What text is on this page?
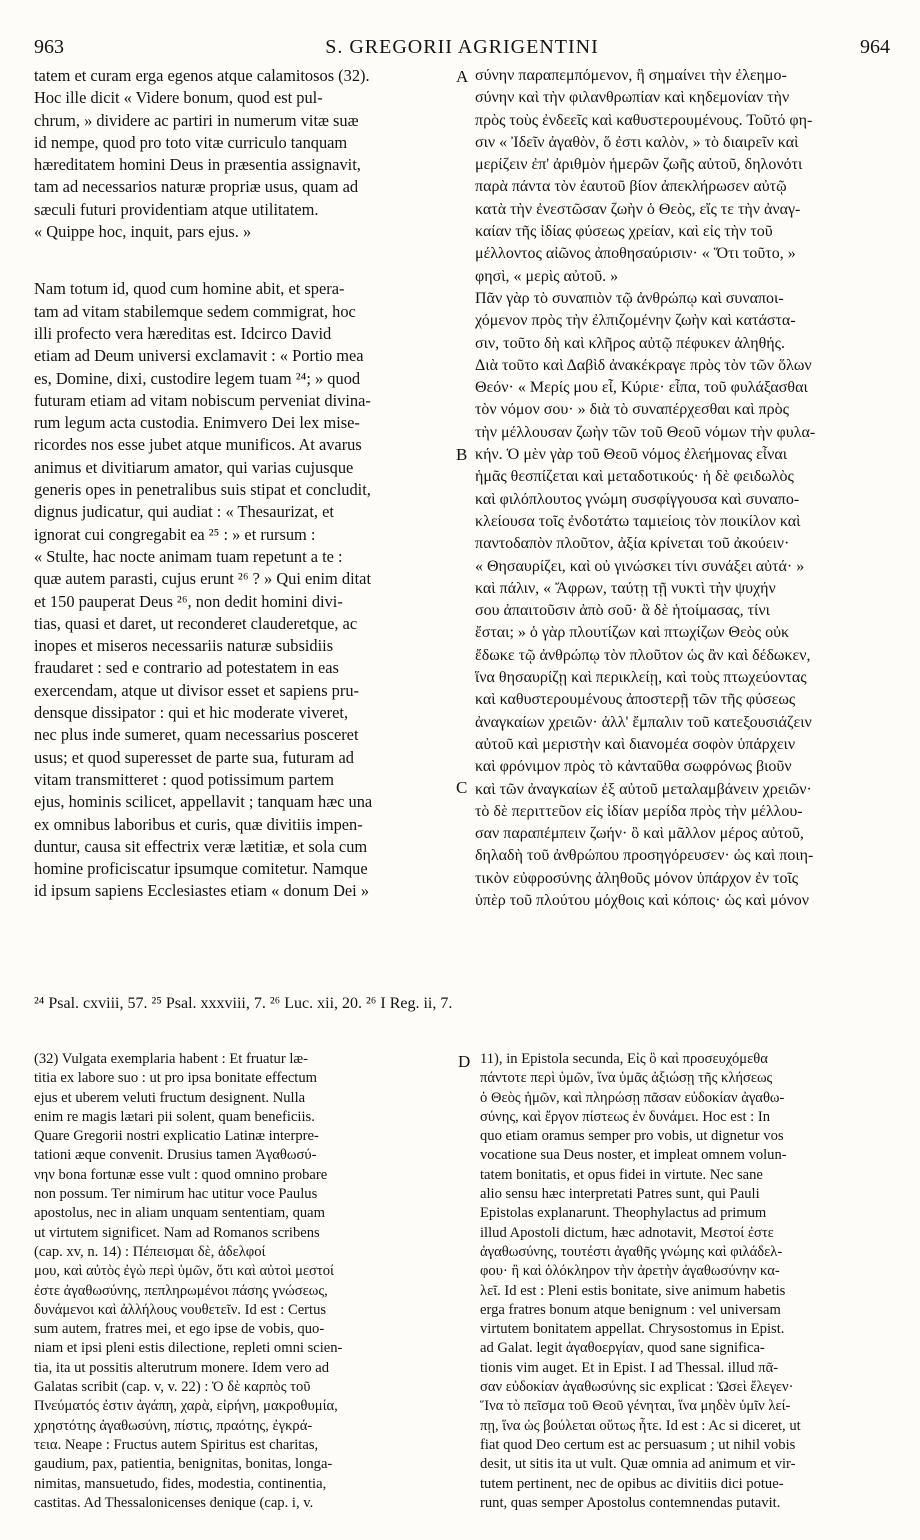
963	S. GREGORII AGRIGENTINI	964
tatem et curam erga egenos atque calamitosos (32).
Hoc ille dicit « Videre bonum, quod est pul-
chrum, » dividere ac partiri in numerum vitæ suæ
id nempe, quod pro toto vitæ curriculo tanquam
hæreditatem homini Deus in præsentia assignavit,
tam ad necessarios naturæ propriæ usus, quam ad
sæculi futuri providentiam atque utilitatem.
« Quippe hoc, inquit, pars ejus. »
Nam totum id, quod cum homine abit, et spera-
tam ad vitam stabilemque sedem commigrat, hoc
illi profecto vera hæreditas est. Idcirco David
etiam ad Deum universi exclamavit : « Portio mea
es, Domine, dixi, custodire legem tuam ²⁴; » quod
futuram etiam ad vitam nobiscum perveniat divina-
rum legum acta custodia. Enimvero Dei lex mise-
ricordes nos esse jubet atque munificos. At avarus
animus et divitiarum amator, qui varias cujusque
generis opes in penetralibus suis stipat et concludit,
dignus judicatur, qui audiat : « Thesaurizat, et
ignorat cui congregabit ea ²⁵ : » et rursum :
« Stulte, hac nocte animam tuam repetunt a te :
quæ autem parasti, cujus erunt ²⁶ ? » Qui enim ditat
et 150 pauperat Deus ²⁶, non dedit homini divi-
tias, quasi et daret, ut reconderet clauderetque, ac
inopes et miseros necessariis naturæ subsidiis
fraudaret : sed e contrario ad potestatem in eas
exercendam, atque ut divisor esset et sapiens pru-
densque dissipator : qui et hic moderate viveret,
nec plus inde sumeret, quam necessarius posceret
usus; et quod superesset de parte sua, futuram ad
vitam transmitteret : quod potissimum partem
ejus, hominis scilicet, appellavit ; tanquam hæc una
ex omnibus laboribus et curis, quæ divitiis impen-
duntur, causa sit effectrix veræ lætitiæ, et sola cum
homine proficiscatur ipsumque comitetur. Namque
id ipsum sapiens Ecclesiastes etiam « donum Dei »
σύνην παραπεμπόμενον, ἣ σημαίνει τὴν ἐλεημο-
σύνην καὶ τὴν φιλανθρωπίαν καὶ κηδεμονίαν τὴν
πρὸς τοὺς ἐνδεεῖς καὶ καθυστερουμένους. Τοῦτό φη-
σιν « Ἰδεῖν ἀγαθὸν, ὅ ἐστι καλὸν, » τὸ διαιρεῖν καὶ
μερίζειν ἐπ' ἀριθμὸν ἡμερῶν ζωῆς αὐτοῦ, δηλονότι
παρὰ πάντα τὸν ἑαυτοῦ βίον ἀπεκλήρωσεν αὐτῷ
κατὰ τὴν ἐνεστῶσαν ζωὴν ὁ Θεὸς, εἴς τε τὴν ἀναγ-
καίαν τῆς ἰδίας φύσεως χρείαν, καὶ εἰς τὴν τοῦ
μέλλοντος αἰῶνος ἀποθησαύρισιν· « Ὅτι τοῦτο, »
φησὶ, « μερὶς αὐτοῦ. »
Πᾶν γὰρ τὸ συναπιὸν τῷ ἀνθρώπῳ καὶ συναποι-
χόμενον πρὸς τὴν ἐλπιζομένην ζωὴν καὶ κατάστα-
σιν, τοῦτο δὴ καὶ κλῆρος αὐτῷ πέφυκεν ἀληθής.
Διὰ τοῦτο καὶ Δαβὶδ ἀνακέκραγε πρὸς τὸν τῶν ὅλων
Θεόν· « Μερίς μου εἶ, Κύριε· εἶπα, τοῦ φυλάξασθαι
τὸν νόμον σου· » διὰ τὸ συναπέρχεσθαι καὶ πρὸς
τὴν μέλλουσαν ζωὴν τῶν τοῦ Θεοῦ νόμων τὴν φυλα-
κήν. Ὁ μὲν γὰρ τοῦ Θεοῦ νόμος ἐλεήμονας εἶναι
ἡμᾶς θεσπίζεται καὶ μεταδοτικούς· ἡ δὲ φειδωλὸς
καὶ φιλόπλουτος γνώμη συσφίγγουσα καὶ συναπο-
κλείουσα τοῖς ἐνδοτάτω ταμιείοις τὸν ποικίλον καὶ
παντοδαπὸν πλοῦτον, ἀξία κρίνεται τοῦ ἀκούειν·
« Θησαυρίζει, καὶ οὐ γινώσκει τίνι συνάξει αὐτά· »
καὶ πάλιν, « Ἄφρων, ταύτῃ τῇ νυκτὶ τὴν ψυχήν
σου ἀπαιτοῦσιν ἀπὸ σοῦ· ἃ δὲ ἡτοίμασας, τίνι
ἔσται; » ὁ γὰρ πλουτίζων καὶ πτωχίζων Θεὸς οὐκ
ἔδωκε τῷ ἀνθρώπῳ τὸν πλοῦτον ὡς ἂν καὶ δέδωκεν,
ἵνα θησαυρίζῃ καὶ περικλείῃ, καὶ τοὺς πτωχεύοντας
καὶ καθυστερουμένους ἀποστερῇ τῶν τῆς φύσεως
ἀναγκαίων χρειῶν· ἀλλ' ἔμπαλιν τοῦ κατεξουσιάζειν
αὐτοῦ καὶ μεριστὴν καὶ διανομέα σοφὸν ὑπάρχειν
καὶ φρόνιμον πρὸς τὸ κἀνταῦθα σωφρόνως βιοῦν
καὶ τῶν ἀναγκαίων ἐξ αὐτοῦ μεταλαμβάνειν χρειῶν·
τὸ δὲ περιττεῦον εἰς ἰδίαν μερίδα πρὸς τὴν μέλλου-
σαν παραπέμπειν ζωήν· ὃ καὶ μᾶλλον μέρος αὐτοῦ,
δηλαδὴ τοῦ ἀνθρώπου προσηγόρευσεν· ὡς καὶ ποιη-
τικὸν εὐφροσύνης ἀληθοῦς μόνον ὑπάρχον ἐν τοῖς
ὑπὲρ τοῦ πλούτου μόχθοις καὶ κόποις· ὡς καὶ μόνον
A
B
C
D
²⁴ Psal. cxviii, 57. ²⁵ Psal. xxxviii, 7. ²⁶ Luc. xii, 20. ²⁶ I Reg. ii, 7.
(32) Vulgata exemplaria habent : Et fruatur læ-
titia ex labore suo : ut pro ipsa bonitate effectum
ejus et uberem veluti fructum designent. Nulla
enim re magis lætari pii solent, quam beneficiis.
Quare Gregorii nostri explicatio Latinæ interpre-
tationi æque convenit. Drusius tamen Ἀγαθωσύ-
νην bona fortunæ esse vult : quod omnino probare
non possum. Ter nimirum hac utitur voce Paulus
apostolus, nec in aliam unquam sententiam, quam
ut virtutem significet. Nam ad Romanos scribens
(cap. xv, n. 14) : Πέπεισμαι δὲ, ἀδελφοί
μου, καὶ αὐτὸς ἐγὼ περὶ ὑμῶν, ὅτι καὶ αὐτοὶ μεστοί
ἐστε ἀγαθωσύνης, πεπληρωμένοι πάσης γνώσεως,
δυνάμενοι καὶ ἀλλήλους νουθετεῖν. Id est : Certus
sum autem, fratres mei, et ego ipse de vobis, quo-
niam et ipsi pleni estis dilectione, repleti omni scien-
tia, ita ut possitis alterutrum monere. Idem vero ad
Galatas scribit (cap. v, v. 22) : Ὁ δὲ καρπὸς τοῦ
Πνεύματός ἐστιν ἀγάπη, χαρὰ, εἰρήνη, μακροθυμία,
χρηστότης ἀγαθωσύνη, πίστις, πραότης, ἐγκρά-
τεια. Neape : Fructus autem Spiritus est charitas,
gaudium, pax, patientia, benignitas, bonitas, longa-
nimitas, mansuetudo, fides, modestia, continentia,
castitas. Ad Thessalonicenses denique (cap. i, v.
11), in Epistola secunda, Εἰς ὃ καὶ προσευχόμεθα
πάντοτε περὶ ὑμῶν, ἵνα ὑμᾶς ἀξιώσῃ τῆς κλήσεως
ὁ Θεὸς ἡμῶν, καὶ πληρώσῃ πᾶσαν εὐδοκίαν ἀγαθω-
σύνης, καὶ ἔργον πίστεως ἐν δυνάμει. Hoc est : In
quo etiam oramus semper pro vobis, ut dignetur vos
vocatione sua Deus noster, et impleat omnem volun-
tatem bonitatis, et opus fidei in virtute. Nec sane
alio sensu hæc interpretati Patres sunt, qui Pauli
Epistolas explanarunt. Theophylactus ad primum
illud Apostoli dictum, hæc adnotavit, Μεστοί ἐστε
ἀγαθωσύνης, τουτέστι ἀγαθῆς γνώμης καὶ φιλάδελ-
φου· ἢ καὶ ὁλόκληρον τὴν ἀρετὴν ἀγαθωσύνην κα-
λεῖ. Id est : Pleni estis bonitate, sive animum habetis
erga fratres bonum atque benignum : vel universam
virtutem bonitatem appellat. Chrysostomus in Epist.
ad Galat. legit ἀγαθοεργίαν, quod sane significa-
tionis vim auget. Et in Epist. I ad Thessal. illud πᾶ-
σαν εὐδοκίαν ἀγαθωσύνης sic explicat : Ὡσεὶ ἔλεγεν·
Ἵνα τὸ πεῖσμα τοῦ Θεοῦ γένηται, ἵνα μηδὲν ὑμῖν λεί-
πῃ, ἵνα ὡς βούλεται οὕτως ἦτε. Id est : Ac si diceret, ut
fiat quod Deo certum est ac persuasum ; ut nihil vobis
desit, ut sitis ita ut vult. Quæ omnia ad animum et vir-
tutem pertinent, nec de opibus ac divitiis dici potue-
runt, quas semper Apostolus contemnendas putavit.
